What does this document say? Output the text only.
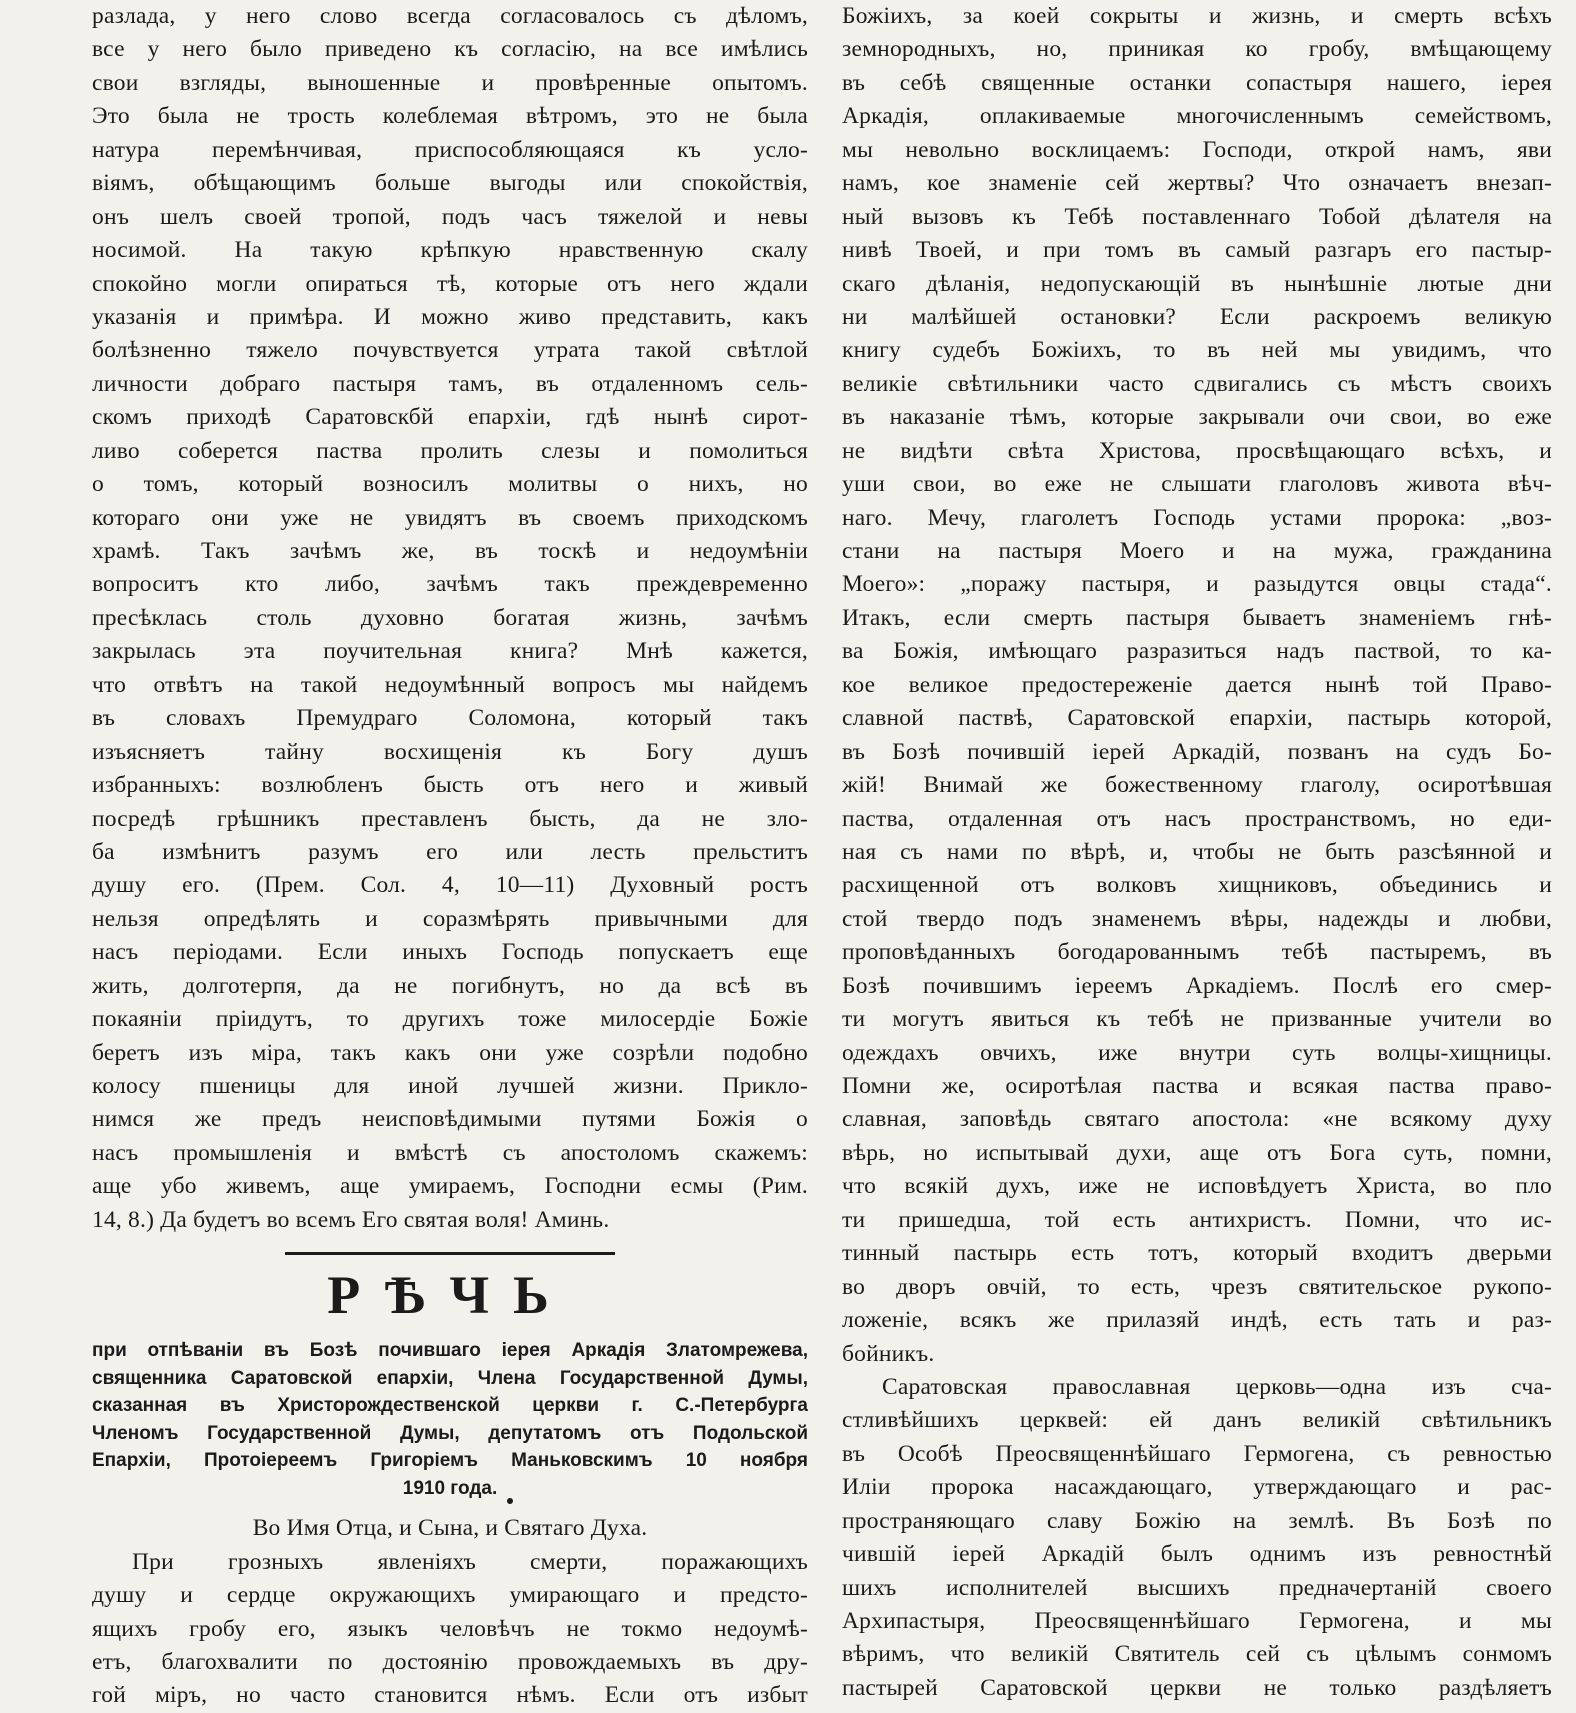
разлада, у него слово всегда согласовалось съ дѣломъ,
все у него было приведено къ согласію, на все имѣлись
свои взгляды, выношенные и провѣренные опытомъ.
Это была не трость колеблемая вѣтромъ, это не была
натура перемѣнчивая, приспособляющаяся къ усло-
віямъ, обѣщающимъ больше выгоды или спокойствія,
онъ шелъ своей тропой, подъ часъ тяжелой и невы
носимой. На такую крѣпкую нравственную скалу
спокойно могли опираться тѣ, которые отъ него ждали
указанія и примѣра. И можно живо представить, какъ
болѣзненно тяжело почувствуется утрата такой свѣтлой
личности добраго пастыря тамъ, въ отдаленномъ сель-
скомъ приходѣ Саратовскбй епархіи, гдѣ нынѣ сирот-
ливо соберется паства пролить слезы и помолиться
о томъ, который возносилъ молитвы о нихъ, но
котораго они уже не увидятъ въ своемъ приходскомъ
храмѣ. Такъ зачѣмъ же, въ тоскѣ и недоумѣніи
вопроситъ кто либо, зачѣмъ такъ преждевременно
пресѣклась столь духовно богатая жизнь, зачѣмъ
закрылась эта поучительная книга? Мнѣ кажется,
что отвѣтъ на такой недоумѣнный вопросъ мы найдемъ
въ словахъ Премудраго Соломона, который такъ
изъясняетъ тайну восхищенія къ Богу душъ
избранныхъ: возлюбленъ бысть отъ него и живый
посредѣ грѣшникъ преставленъ бысть, да не зло-
ба измѣнитъ разумъ его или лесть прельститъ
душу его. (Прем. Сол. 4, 10—11) Духовный ростъ
нельзя опредѣлять и соразмѣрять привычными для
насъ періодами. Если иныхъ Господь попускаетъ еще
жить, долготерпя, да не погибнутъ, но да вcѣ въ
покаяніи пріидутъ, то другихъ тоже милосердіе Божіе
беретъ изъ міра, такъ какъ они уже созрѣли подобно
колосу пшеницы для иной лучшей жизни. Приклo-
нимся же предъ неисповѣдимыми путями Божія о
насъ промышленія и вмѣстѣ съ апостоломъ скажемъ:
аще убо живемъ, аще умираемъ, Господни есмы (Рим.
14, 8.) Да будетъ во всемъ Его святая воля! Аминь.
РѢЧЬ
при отпѣваніи въ Бозѣ почившаго іерея Аркадія Златомрежева,
священника Саратовской епархіи, Члена Государственной Думы,
сказанная въ Христорождественской церкви г. С.-Петербурга
Членомъ Государственной Думы, депутатомъ отъ Подольской
Епархіи, Протоіереемъ Григоріемъ Маньковскимъ 10 ноября
1910 года.
Во Имя Отца, и Сына, и Святаго Духа.
При грозныхъ явленіяхъ смерти, поражающихъ
душу и сердце окружающихъ умирающаго и предсто-
ящихъ гробу его, языкъ человѣчъ не токмо недоумѣ-
етъ, благохвалити по достоянію провождаемыхъ въ дру-
гой міръ, но часто становится нѣмъ. Если отъ избыт
Божіихъ, за коей сокрыты и жизнь, и смерть всѣхъ
земнородныхъ, но, приникая ко гробу, вмѣщающему
въ себѣ священные останки сопастыря нашего, іерея
Аркадія, оплакиваемые многочисленнымъ семействомъ,
мы невольно восклицаемъ: Господи, открой намъ, яви
намъ, кое знаменіе сей жертвы? Что означаетъ внезап-
ный вызовъ къ Тебѣ поставленнаго Тобой дѣлателя на
нивѣ Твоей, и при томъ въ самый разгаръ его пастыр-
скаго дѣланія, недопускающій въ нынѣшніе лютые дни
ни малѣйшей остановки? Если раскроемъ великую
книгу судебъ Божіихъ, то въ ней мы увидимъ, что
великіе свѣтильники часто сдвигались съ мѣстъ своихъ
въ наказаніе тѣмъ, которые закрывали очи свои, во еже
не видѣти свѣта Христова, просвѣщающаго всѣхъ, и
уши свои, во еже не слышати глаголовъ живота вѣч-
наго. Мечу, глаголетъ Господь устами пророка: „воз-
стани на пастыря Моего и на мужа, гражданина
Моего»: „поражу пастыря, и разыдутся овцы стада“.
Итакъ, если смерть пастыря бываетъ знаменіемъ гнѣ-
ва Божія, имѣющаго разразиться надъ паствой, то ка-
кое великое предостереженіе дается нынѣ той Право-
славной паствѣ, Саратовской епархіи, пастырь которой,
въ Бозѣ почившій іерей Аркадій, позванъ на судъ Бо-
жій! Внимай же божественному глаголу, осиротѣвшая
паства, отдаленная отъ насъ пространствомъ, но еди-
ная съ нами по вѣрѣ, и, чтобы не быть разсѣянной и
расхищенной отъ волковъ хищниковъ, объединись и
стой твердо подъ знаменемъ вѣры, надежды и любви,
проповѣданныхъ богодарованнымъ тебѣ пастыремъ, въ
Бозѣ почившимъ іереемъ Аркадіемъ. Послѣ его смер-
ти могутъ явиться къ тебѣ не призванные учители во
одеждахъ овчихъ, иже внутри суть волцы-хищницы.
Помни же, осиротѣлая паства и всякая паства право-
славная, заповѣдь святаго апостола: «не всякому духу
вѣрь, но испытывай духи, аще отъ Бога суть, помни,
что всякій духъ, иже не исповѣдуетъ Христа, во пло
ти пришедша, той есть антихристъ. Помни, что ис-
тинный пастырь есть тотъ, который входитъ дверьми
во дворъ овчій, то есть, чрезъ святительское рукопо-
ложеніе, всякъ же прилазяй индѣ, есть тать и раз-
бойникъ.
Саратовская православная церковь—одна изъ сча-
стливѣйшихъ церквей: ей данъ великій свѣтильникъ
въ Особѣ Преосвященнѣйшаго Гермогена, съ ревностью
Иліи пророка насаждающаго, утверждающаго и рас-
пространяющаго славу Божію на землѣ. Въ Бозѣ по
чившій іерей Аркадій былъ однимъ изъ ревностнѣй
шихъ исполнителей высшихъ предначертаній своего
Архипастыря, Преосвященнѣйшаго Гермогена, и мы
вѣримъ, что великій Святитель сей съ цѣлымъ сонмомъ
пастырей Саратовской церкви не только раздѣляетъ
